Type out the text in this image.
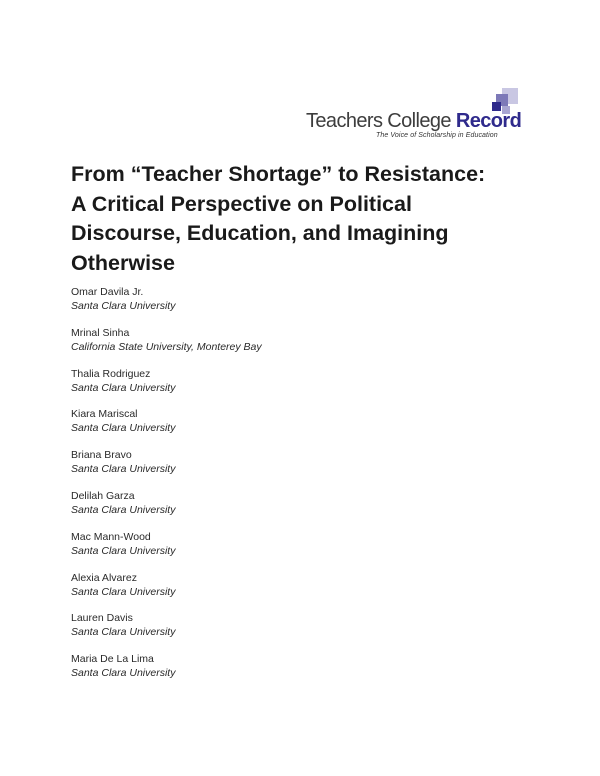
Teachers College Record
The Voice of Scholarship in Education
From “Teacher Shortage” to Resistance:
A Critical Perspective on Political
Discourse, Education, and Imagining
Otherwise
Omar Davila Jr.
Santa Clara University
Mrinal Sinha
California State University, Monterey Bay
Thalia Rodriguez
Santa Clara University
Kiara Mariscal
Santa Clara University
Briana Bravo
Santa Clara University
Delilah Garza
Santa Clara University
Mac Mann-Wood
Santa Clara University
Alexia Alvarez
Santa Clara University
Lauren Davis
Santa Clara University
Maria De La Lima
Santa Clara University
